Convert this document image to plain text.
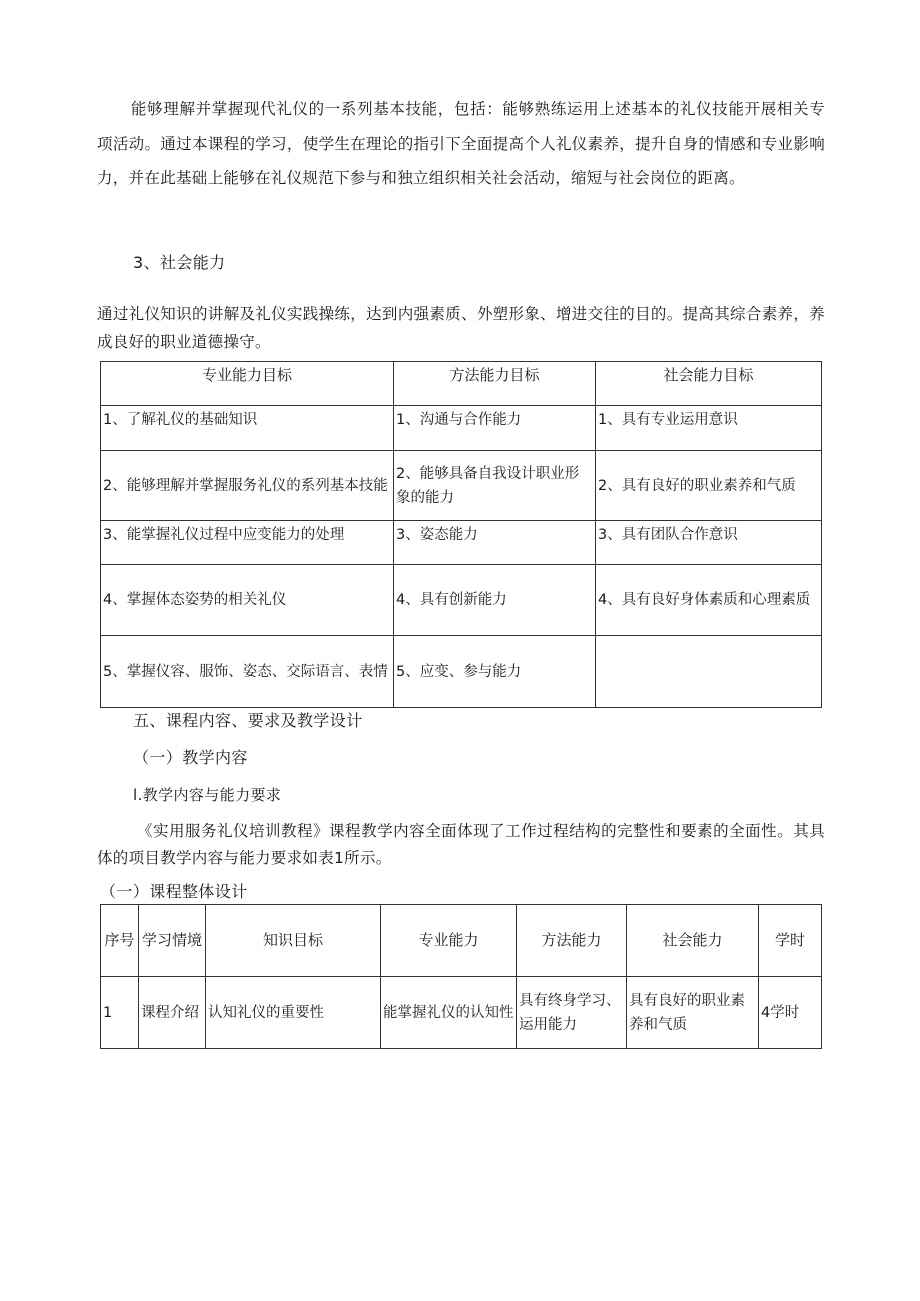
能够理解并掌握现代礼仪的一系列基本技能，包括：能够熟练运用上述基本的礼仪技能开展相关专项活动。通过本课程的学习，使学生在理论的指引下全面提高个人礼仪素养，提升自身的情感和专业影响力，并在此基础上能够在礼仪规范下参与和独立组织相关社会活动，缩短与社会岗位的距离。

3、社会能力

通过礼仪知识的讲解及礼仪实践操练，达到内强素质、外塑形象、增进交往的目的。提高其综合素养，养成良好的职业道德操守。

专业能力目标	方法能力目标	社会能力目标
1、了解礼仪的基础知识	1、沟通与合作能力	1、具有专业运用意识
2、能够理解并掌握服务礼仪的系列基本技能	2、能够具备自我设计职业形象的能力	2、具有良好的职业素养和气质
3、能掌握礼仪过程中应变能力的处理	3、姿态能力	3、具有团队合作意识
4、掌握体态姿势的相关礼仪	4、具有创新能力	4、具有良好身体素质和心理素质
5、掌握仪容、服饰、姿态、交际语言、表情	5、应变、参与能力	

五、课程内容、要求及教学设计

（一）教学内容

l.教学内容与能力要求

《实用服务礼仪培训教程》课程教学内容全面体现了工作过程结构的完整性和要素的全面性。其具体的项目教学内容与能力要求如表1所示。

（一）课程整体设计

序号	学习情境	知识目标	专业能力	方法能力	社会能力	学时
1	课程介绍	认知礼仪的重要性	能掌握礼仪的认知性	具有终身学习、运用能力	具有良好的职业素养和气质	4学时
